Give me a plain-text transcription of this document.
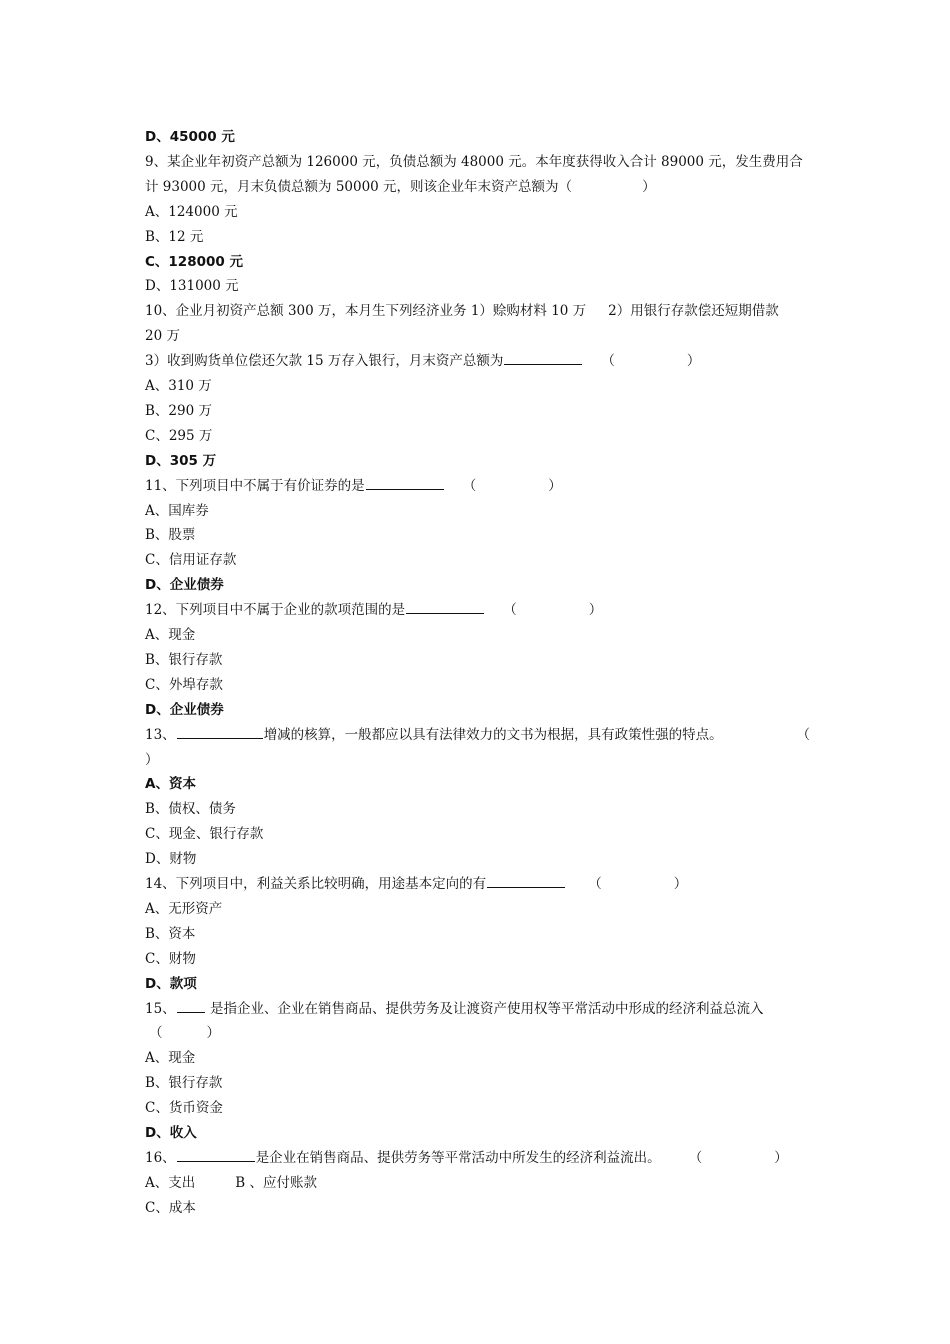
D、45000 元
9、某企业年初资产总额为 126000 元，负债总额为 48000 元。本年度获得收入合计 89000 元，发生费用合
计 93000 元，月末负债总额为 50000 元，则该企业年末资产总额为（	）
A、124000 元
B、12 元
C、128000 元
D、131000 元
10、企业月初资产总额 300 万，本月生下列经济业务 1）赊购材料 10 万 2）用银行存款偿还短期借款
20 万
3）收到购货单位偿还欠款 15 万存入银行，月末资产总额为	（	）
A、310 万
B、290 万
C、295 万
D、305 万
11、下列项目中不属于有价证券的是	（	）
A、国库券
B、股票
C、信用证存款
D、企业债券
12、下列项目中不属于企业的款项范围的是	（	）
A、现金
B、银行存款
C、外埠存款
D、企业债券
13、	增减的核算，一般都应以具有法律效力的文书为根据，具有政策性强的特点。	（
）
A、资本
B、债权、债务
C、现金、银行存款
D、财物
14、下列项目中，利益关系比较明确，用途基本定向的有	（	）
A、无形资产
B、资本
C、财物
D、款项
15、 是指企业、企业在销售商品、提供劳务及让渡资产使用权等平常活动中形成的经济利益总流入
（	）
A、现金
B、银行存款
C、货币资金
D、收入
16、	是企业在销售商品、提供劳务等平常活动中所发生的经济利益流出。 （	）
A、支出	B 、应付账款
C、成本
